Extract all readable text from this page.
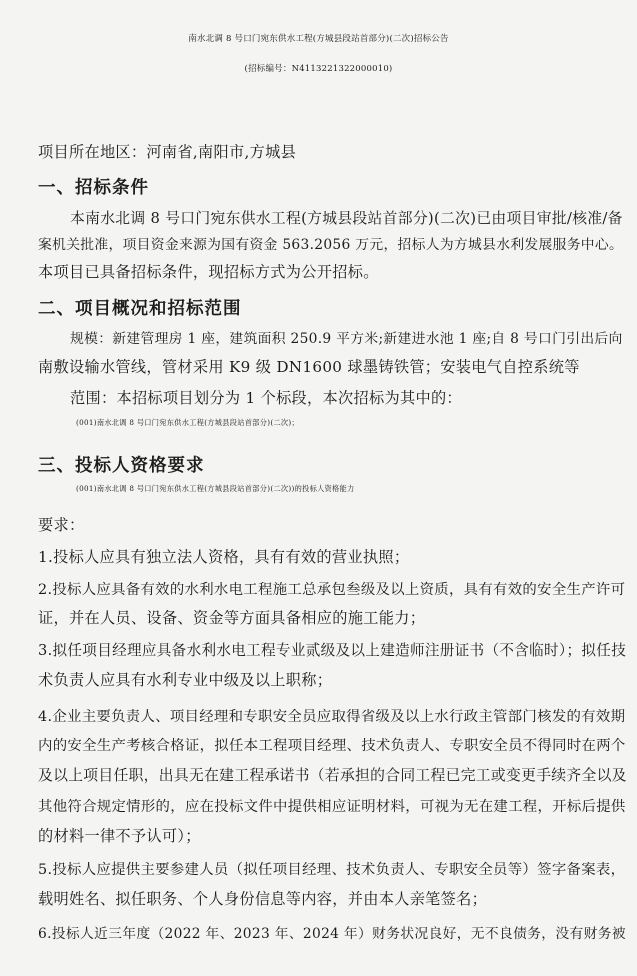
南水北调 8 号口门宛东供水工程(方城县段站首部分)(二次)招标公告
(招标编号：N4113221322000010)
项目所在地区：河南省,南阳市,方城县
一、招标条件
本南水北调 8 号口门宛东供水工程(方城县段站首部分)(二次)已由项目审批/核准/备
案机关批准，项目资金来源为国有资金 563.2056 万元，招标人为方城县水利发展服务中心。
本项目已具备招标条件，现招标方式为公开招标。
二、项目概况和招标范围
规模：新建管理房 1 座，建筑面积 250.9 平方米;新建进水池 1 座;自 8 号口门引出后向
南敷设输水管线，管材采用 K9 级 DN1600 球墨铸铁管；安装电气自控系统等
范围：本招标项目划分为 1 个标段，本次招标为其中的：
(001)南水北调 8 号口门宛东供水工程(方城县段站首部分)(二次)；
三、投标人资格要求
(001)南水北调 8 号口门宛东供水工程(方城县段站首部分)(二次))的投标人资格能力
要求：
1.投标人应具有独立法人资格，具有有效的营业执照；
2.投标人应具备有效的水利水电工程施工总承包叁级及以上资质，具有有效的安全生产许可
证，并在人员、设备、资金等方面具备相应的施工能力；
3.拟任项目经理应具备水利水电工程专业贰级及以上建造师注册证书（不含临时）；拟任技
术负责人应具有水利专业中级及以上职称；
4.企业主要负责人、项目经理和专职安全员应取得省级及以上水行政主管部门核发的有效期
内的安全生产考核合格证，拟任本工程项目经理、技术负责人、专职安全员不得同时在两个
及以上项目任职，出具无在建工程承诺书（若承担的合同工程已完工或变更手续齐全以及
其他符合规定情形的，应在投标文件中提供相应证明材料，可视为无在建工程，开标后提供
的材料一律不予认可）；
5.投标人应提供主要参建人员（拟任项目经理、技术负责人、专职安全员等）签字备案表，
载明姓名、拟任职务、个人身份信息等内容，并由本人亲笔签名；
6.投标人近三年度（2022 年、2023 年、2024 年）财务状况良好，无不良债务，没有财务被
